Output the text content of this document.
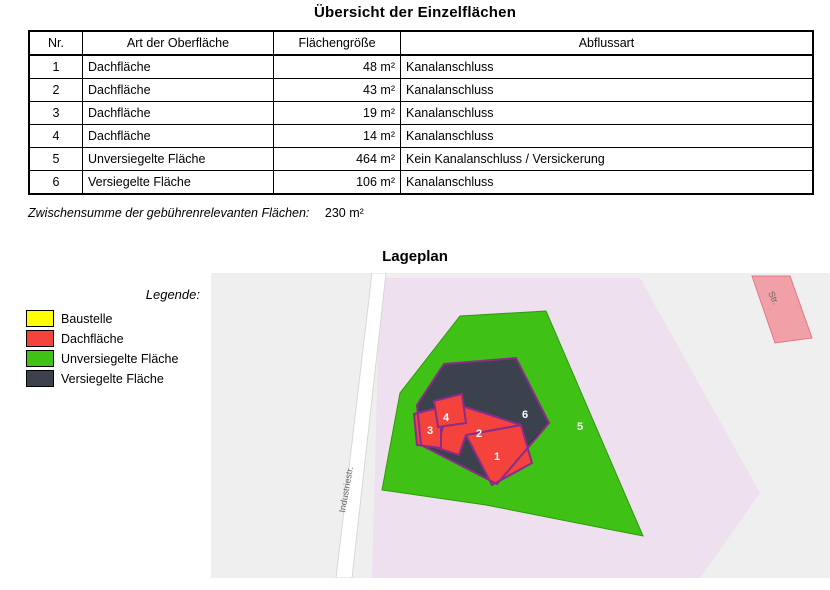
Übersicht der Einzelflächen
Nr.	Art der Oberfläche	Flächengröße	Abflussart
1	Dachfläche	48 m²	Kanalanschluss
2	Dachfläche	43 m²	Kanalanschluss
3	Dachfläche	19 m²	Kanalanschluss
4	Dachfläche	14 m²	Kanalanschluss
5	Unversiegelte Fläche	464 m²	Kein Kanalanschluss / Versickerung
6	Versiegelte Fläche	106 m²	Kanalanschluss
Zwischensumme der gebührenrelevanten Flächen: 230 m²
Lageplan
Legende:
Baustelle
Dachfläche
Unversiegelte Fläche
Versiegelte Fläche
Industriestr.
Str.
1
2
3
4	6
5
